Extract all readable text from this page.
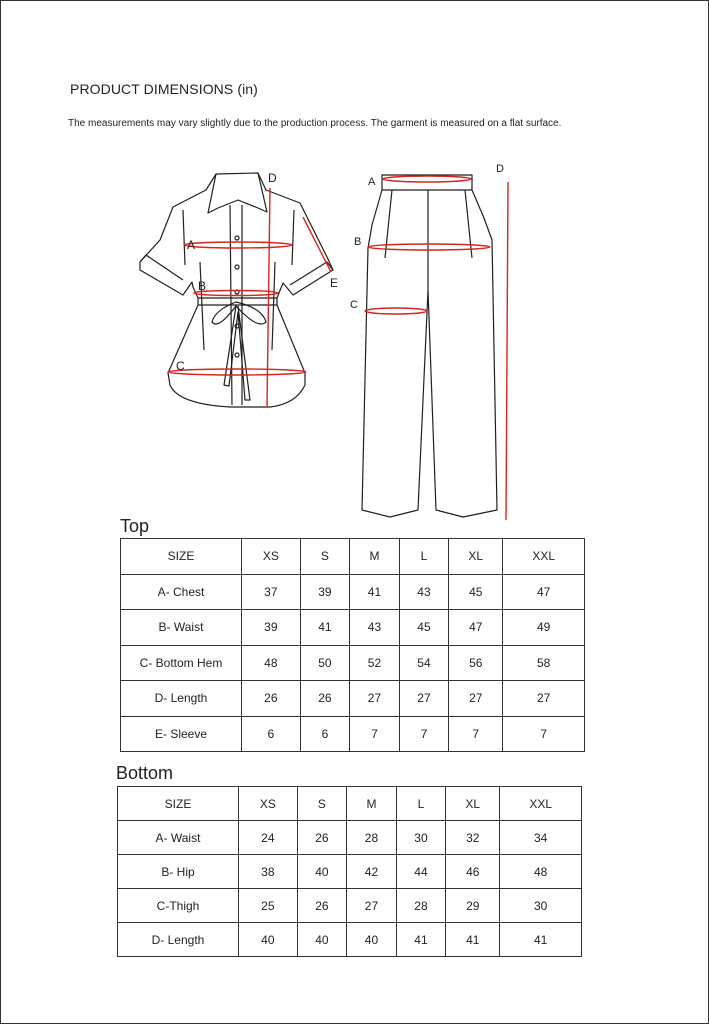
PRODUCT DIMENSIONS (in)
The measurements may vary slightly due to the production process. The garment is measured on a flat surface.
A
B
C
D
E
A
B
C
D
Top
SIZE	XS	S	M	L	XL	XXL
A- Chest	37	39	41	43	45	47
B- Waist	39	41	43	45	47	49
C- Bottom Hem	48	50	52	54	56	58
D- Length	26	26	27	27	27	27
E- Sleeve	6	6	7	7	7	7
Bottom
SIZE	XS	S	M	L	XL	XXL
A- Waist	24	26	28	30	32	34
B- Hip	38	40	42	44	46	48
C-Thigh	25	26	27	28	29	30
D- Length	40	40	40	41	41	41
